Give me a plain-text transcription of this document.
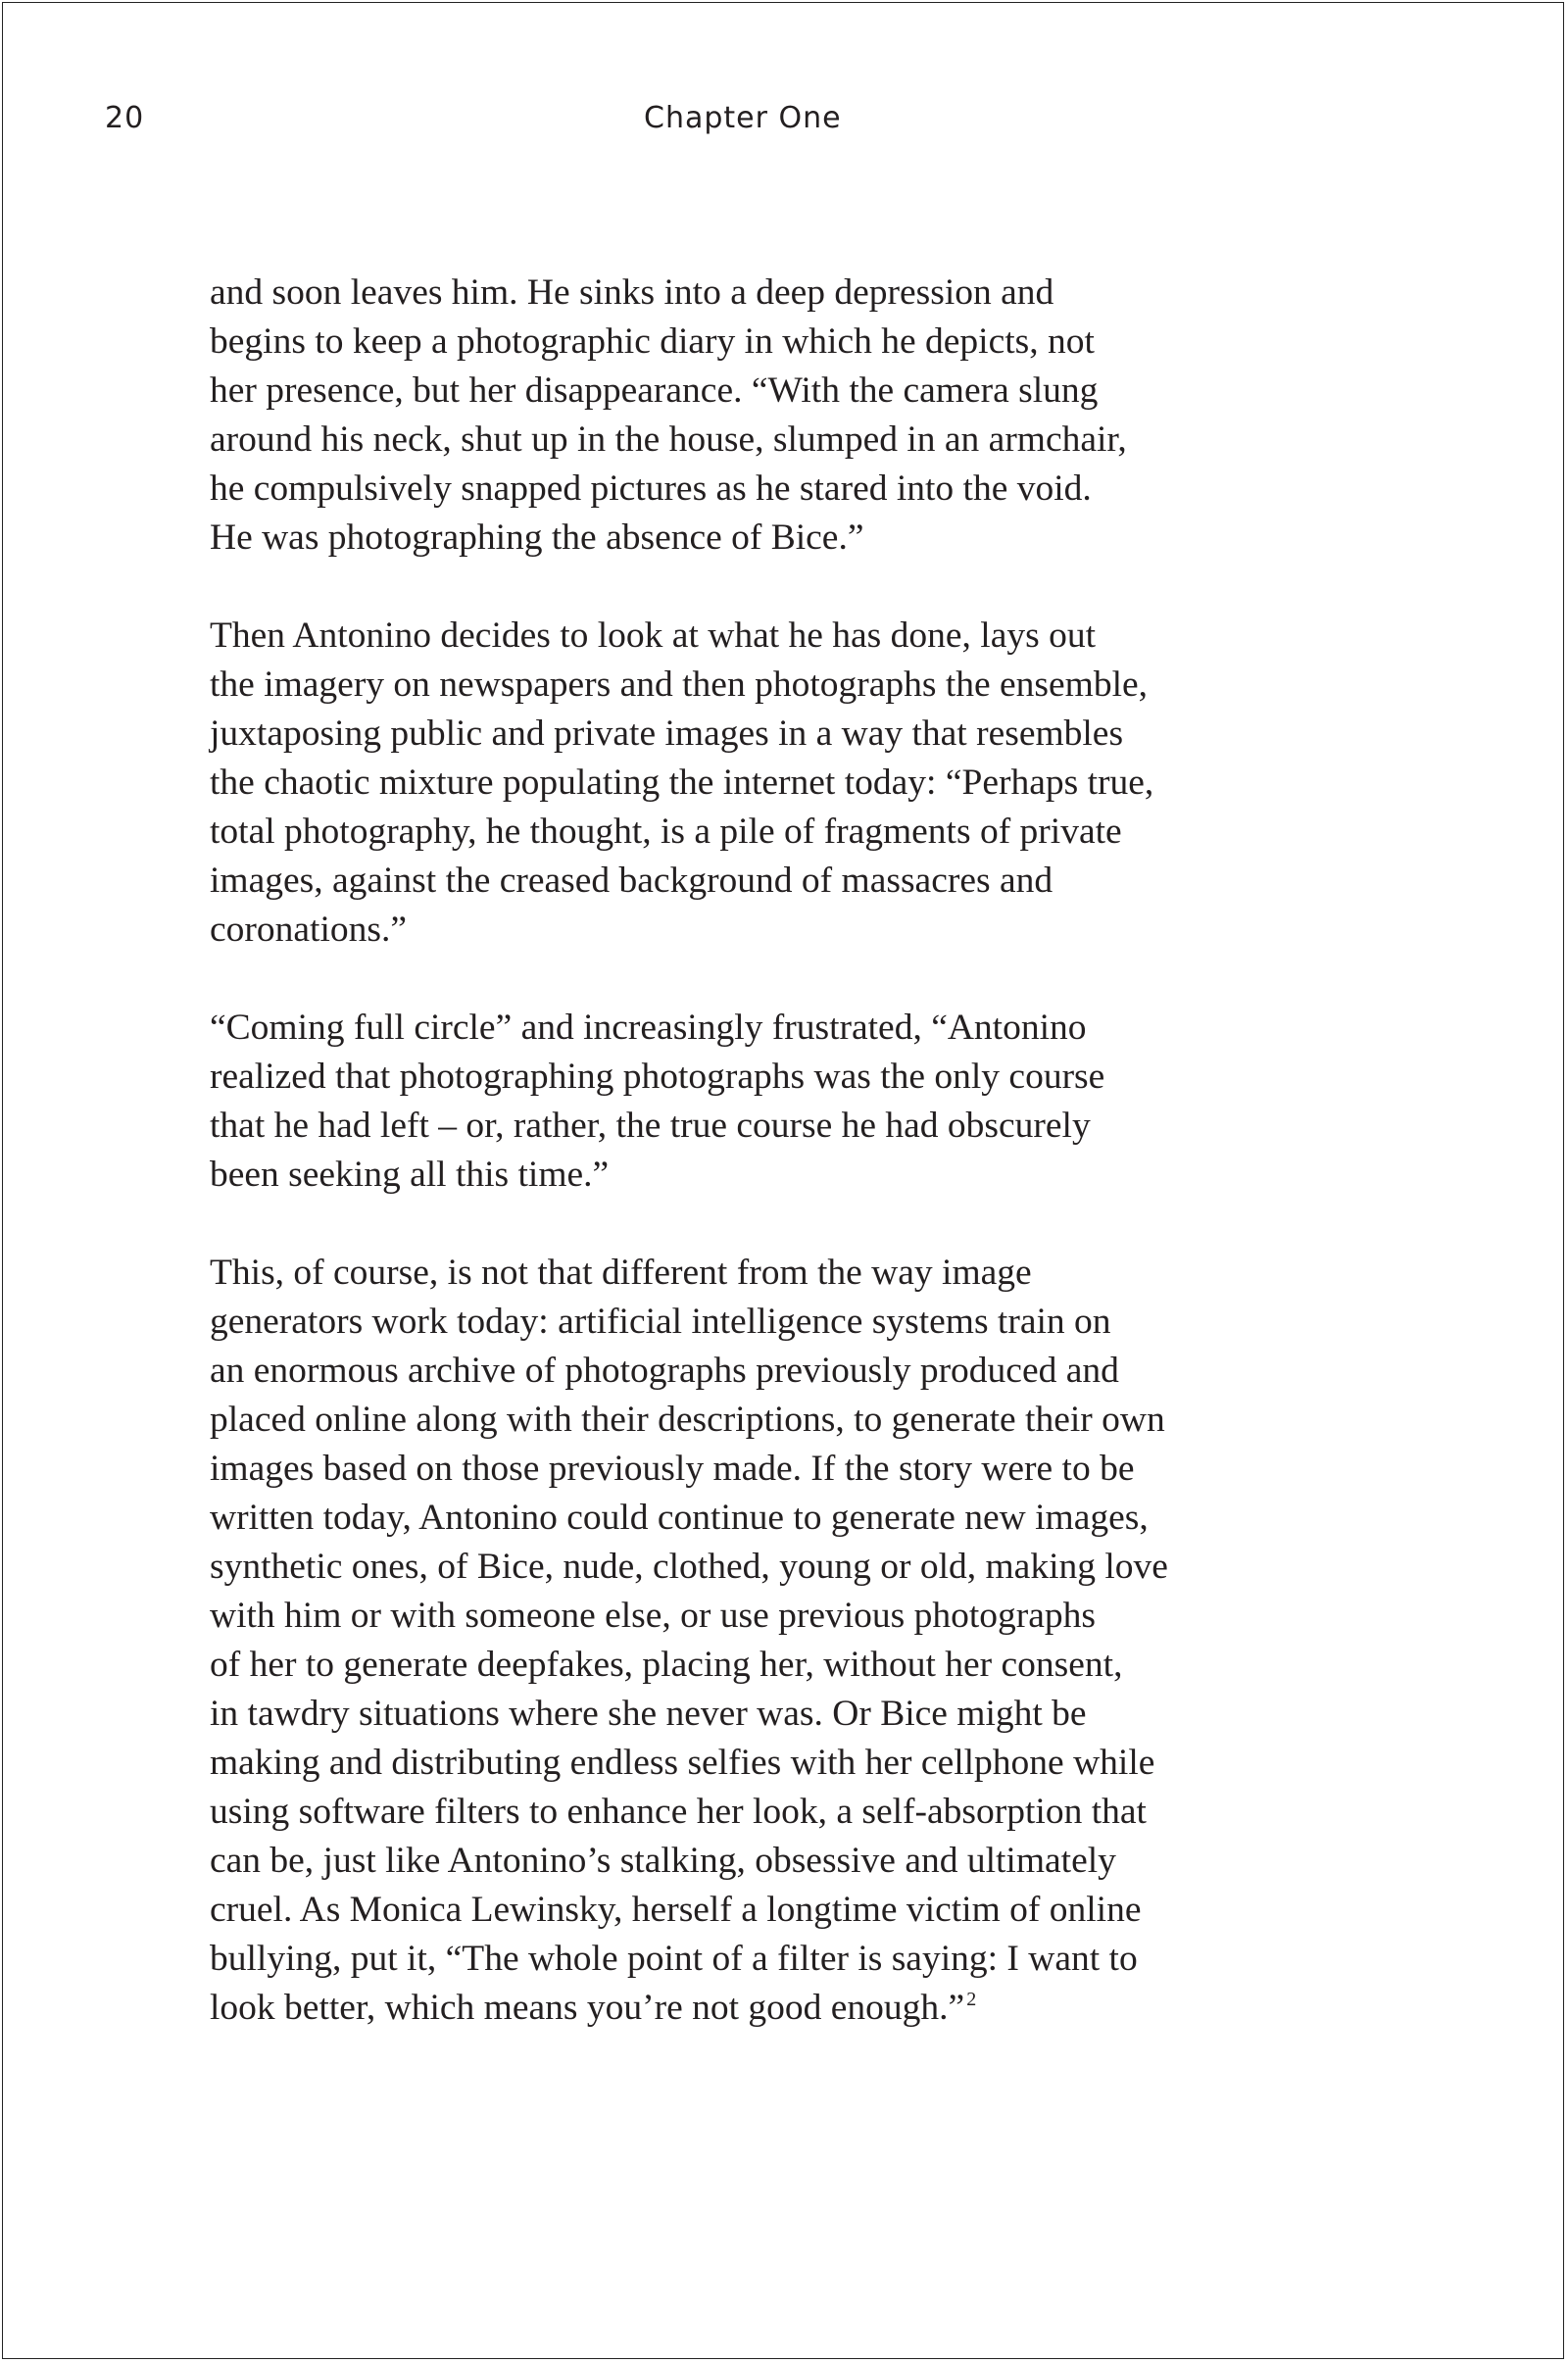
20	Chapter One

and soon leaves him. He sinks into a deep depression and
begins to keep a photographic diary in which he depicts, not
her presence, but her disappearance. “With the camera slung
around his neck, shut up in the house, slumped in an armchair,
he compulsively snapped pictures as he stared into the void.
He was photographing the absence of Bice.”

Then Antonino decides to look at what he has done, lays out
the imagery on newspapers and then photographs the ensemble,
juxtaposing public and private images in a way that resembles
the chaotic mixture populating the internet today: “Perhaps true,
total photography, he thought, is a pile of fragments of private
images, against the creased background of massacres and
coronations.”

“Coming full circle” and increasingly frustrated, “Antonino
realized that photographing photographs was the only course
that he had left – or, rather, the true course he had obscurely
been seeking all this time.”

This, of course, is not that different from the way image
generators work today: artificial intelligence systems train on
an enormous archive of photographs previously produced and
placed online along with their descriptions, to generate their own
images based on those previously made. If the story were to be
written today, Antonino could continue to generate new images,
synthetic ones, of Bice, nude, clothed, young or old, making love
with him or with someone else, or use previous photographs
of her to generate deepfakes, placing her, without her consent,
in tawdry situations where she never was. Or Bice might be
making and distributing endless selfies with her cellphone while
using software filters to enhance her look, a self-absorption that
can be, just like Antonino’s stalking, obsessive and ultimately
cruel. As Monica Lewinsky, herself a longtime victim of online
bullying, put it, “The whole point of a filter is saying: I want to
look better, which means you’re not good enough.” $^2$
